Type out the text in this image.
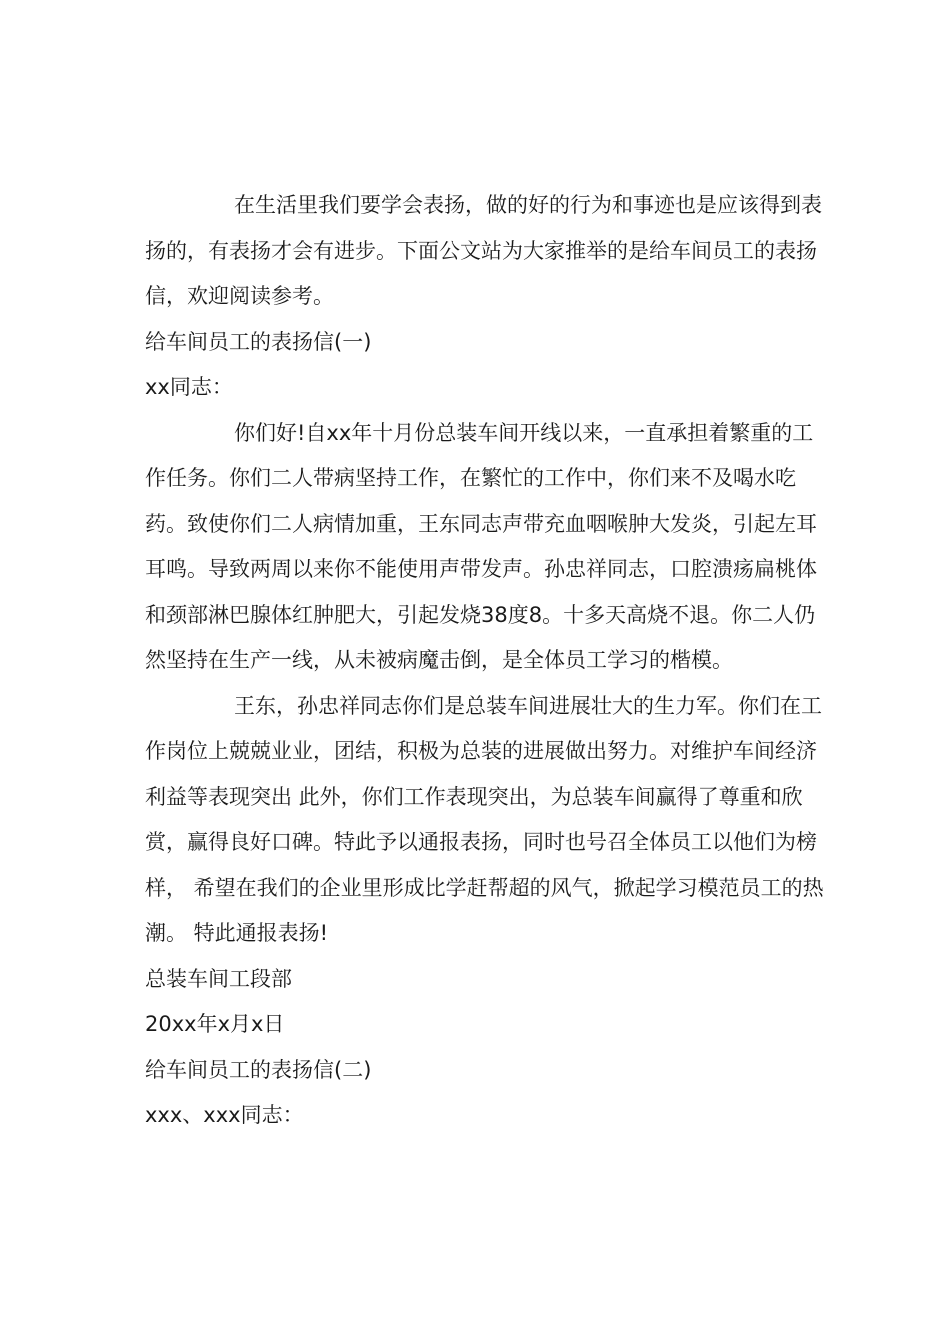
在生活里我们要学会表扬，做的好的行为和事迹也是应该得到表扬的，有表扬才会有进步。下面公文站为大家推举的是给车间员工的表扬信，欢迎阅读参考。

给车间员工的表扬信(一)

xx同志：

你们好!自xx年十月份总装车间开线以来，一直承担着繁重的工作任务。你们二人带病坚持工作，在繁忙的工作中，你们来不及喝水吃药。致使你们二人病情加重，王东同志声带充血咽喉肿大发炎，引起左耳耳鸣。导致两周以来你不能使用声带发声。孙忠祥同志，口腔溃疡扁桃体和颈部淋巴腺体红肿肥大，引起发烧38度8。十多天高烧不退。你二人仍然坚持在生产一线，从未被病魔击倒，是全体员工学习的楷模。

王东，孙忠祥同志你们是总装车间进展壮大的生力军。你们在工作岗位上兢兢业业，团结，积极为总装的进展做出努力。对维护车间经济利益等表现突出 此外，你们工作表现突出，为总装车间赢得了尊重和欣赏，赢得良好口碑。特此予以通报表扬，同时也号召全体员工以他们为榜样， 希望在我们的企业里形成比学赶帮超的风气，掀起学习模范员工的热潮。 特此通报表扬!

总装车间工段部

20xx年x月x日

给车间员工的表扬信(二)

xxx、xxx同志：
